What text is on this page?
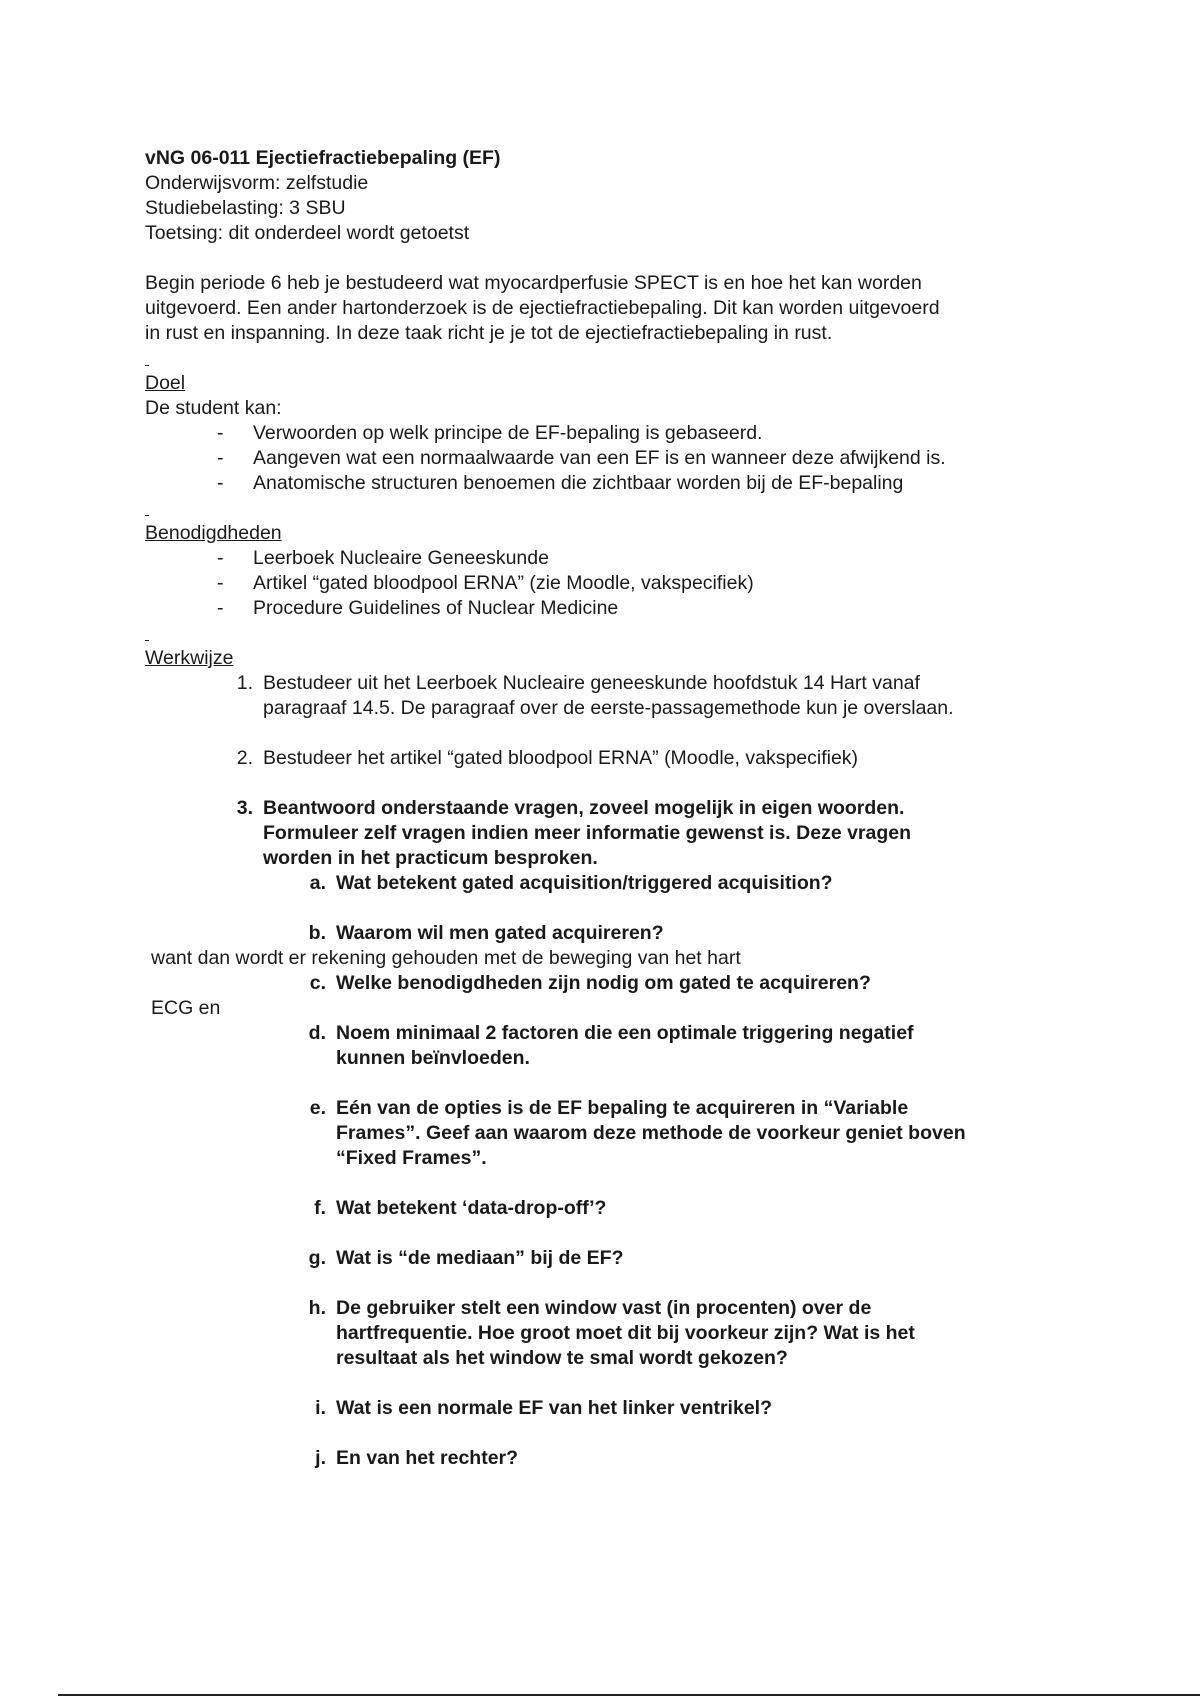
vNG 06-011 Ejectiefractiebepaling (EF)
Onderwijsvorm: zelfstudie
Studiebelasting: 3 SBU
Toetsing: dit onderdeel wordt getoetst
Begin periode 6 heb je bestudeerd wat myocardperfusie SPECT is en hoe het kan worden
uitgevoerd. Een ander hartonderzoek is de ejectiefractiebepaling. Dit kan worden uitgevoerd
in rust en inspanning. In deze taak richt je je tot de ejectiefractiebepaling in rust.
Doel
De student kan:
- Verwoorden op welk principe de EF-bepaling is gebaseerd.
- Aangeven wat een normaalwaarde van een EF is en wanneer deze afwijkend is.
- Anatomische structuren benoemen die zichtbaar worden bij de EF-bepaling
Benodigdheden
- Leerboek Nucleaire Geneeskunde
- Artikel “gated bloodpool ERNA” (zie Moodle, vakspecifiek)
- Procedure Guidelines of Nuclear Medicine
Werkwijze
1. Bestudeer uit het Leerboek Nucleaire geneeskunde hoofdstuk 14 Hart vanaf
paragraaf 14.5. De paragraaf over de eerste-passagemethode kun je overslaan.
2. Bestudeer het artikel “gated bloodpool ERNA” (Moodle, vakspecifiek)
3. Beantwoord onderstaande vragen, zoveel mogelijk in eigen woorden.
Formuleer zelf vragen indien meer informatie gewenst is. Deze vragen
worden in het practicum besproken.
a. Wat betekent gated acquisition/triggered acquisition?
b. Waarom wil men gated acquireren?
want dan wordt er rekening gehouden met de beweging van het hart
c. Welke benodigdheden zijn nodig om gated te acquireren?
ECG en
d. Noem minimaal 2 factoren die een optimale triggering negatief
kunnen beïnvloeden.
e. Eén van de opties is de EF bepaling te acquireren in “Variable
Frames”. Geef aan waarom deze methode de voorkeur geniet boven
“Fixed Frames”.
f. Wat betekent ‘data-drop-off’?
g. Wat is “de mediaan” bij de EF?
h. De gebruiker stelt een window vast (in procenten) over de
hartfrequentie. Hoe groot moet dit bij voorkeur zijn? Wat is het
resultaat als het window te smal wordt gekozen?
i. Wat is een normale EF van het linker ventrikel?
j. En van het rechter?
